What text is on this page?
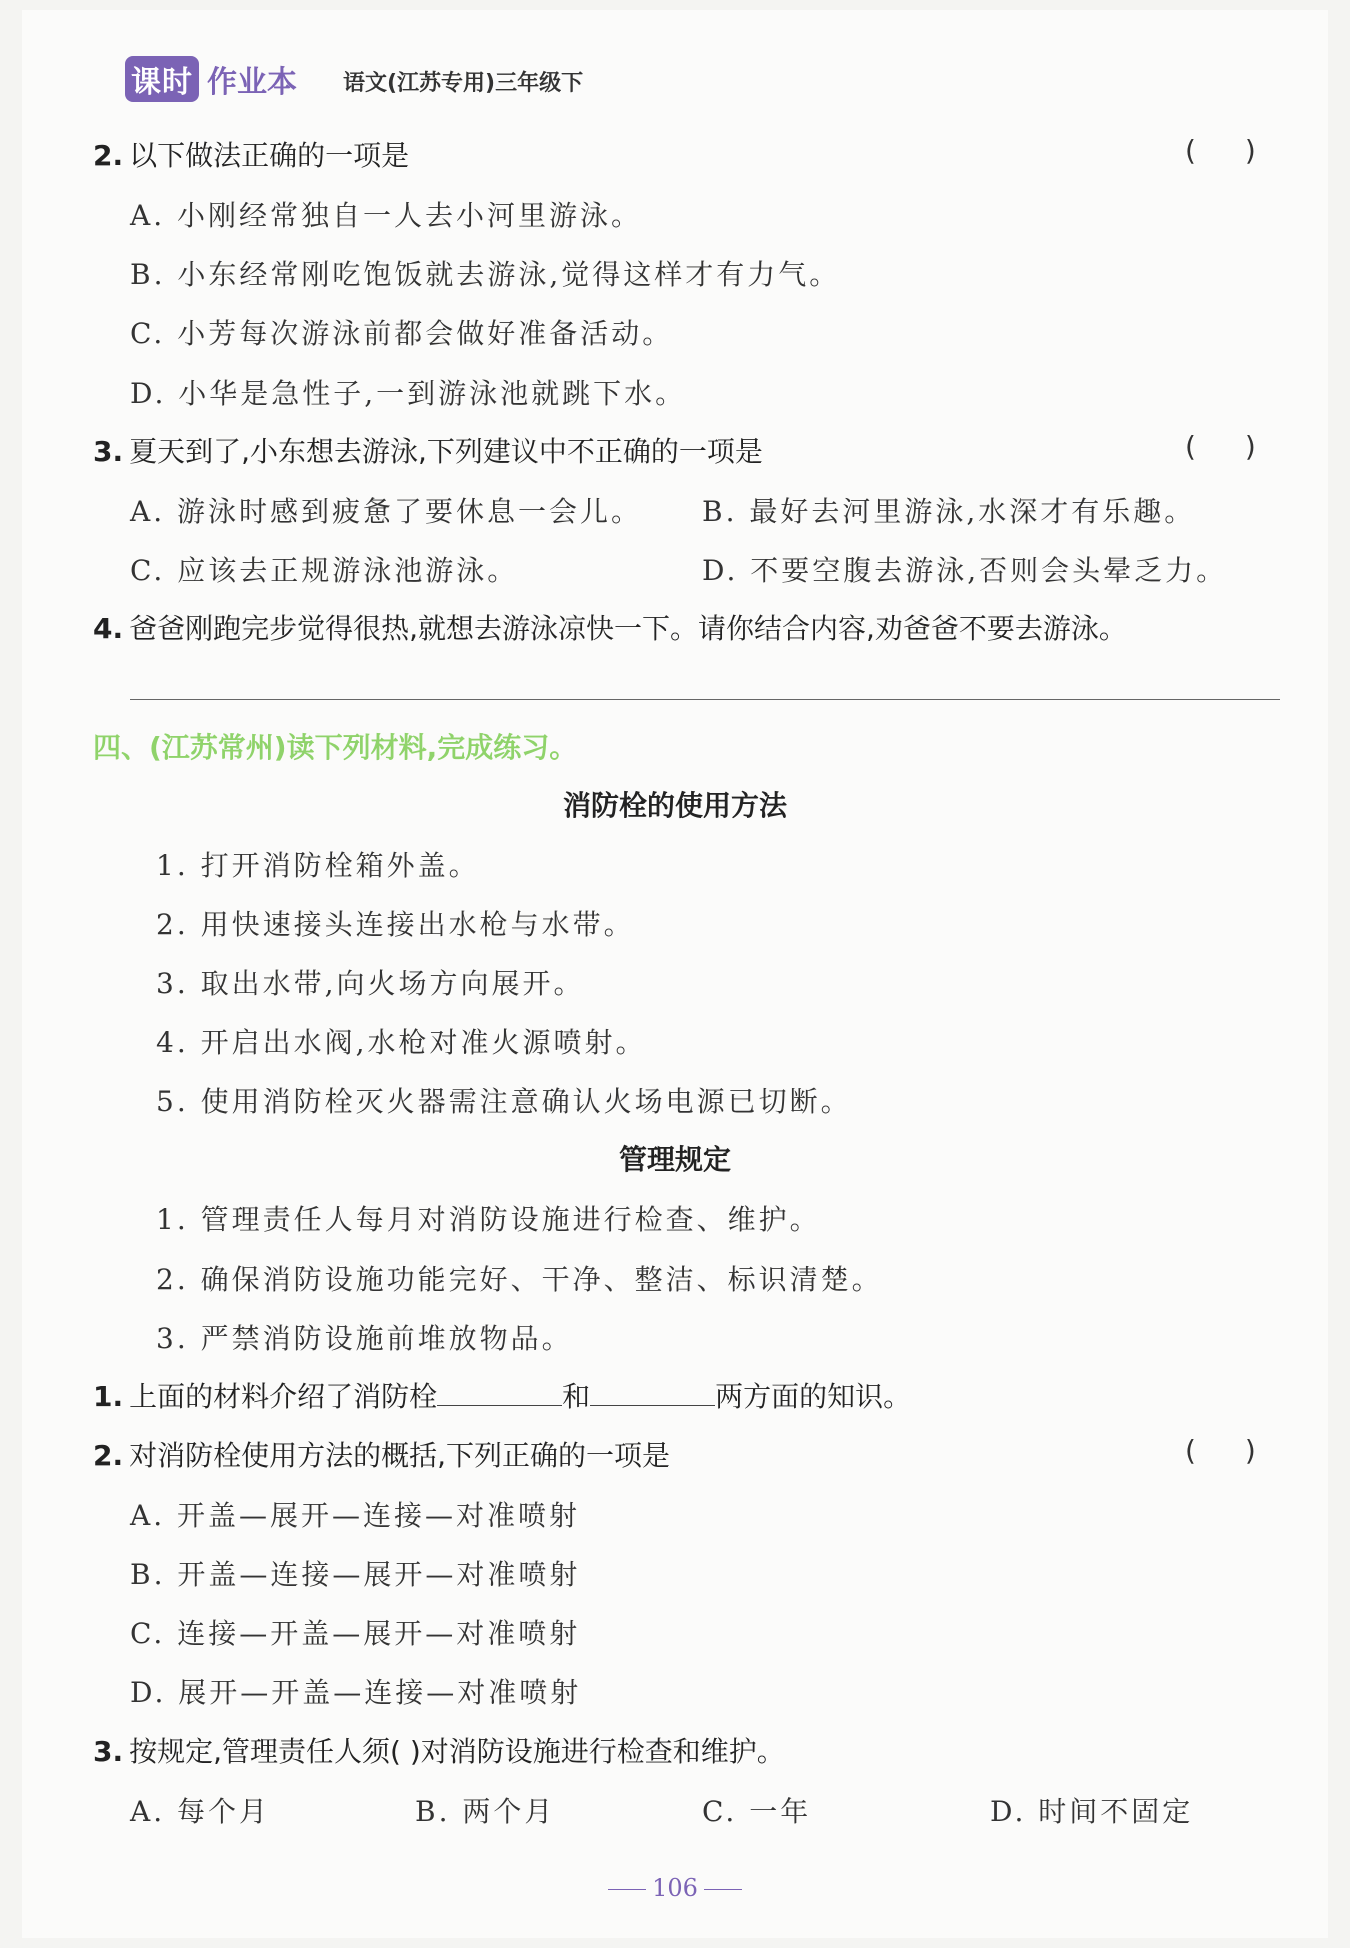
课时 作业本 语文(江苏专用)三年级下
2. 以下做法正确的一项是	( )
A. 小刚经常独自一人去小河里游泳。
B. 小东经常刚吃饱饭就去游泳,觉得这样才有力气。
C. 小芳每次游泳前都会做好准备活动。
D. 小华是急性子,一到游泳池就跳下水。
3. 夏天到了,小东想去游泳,下列建议中不正确的一项是	( )
A. 游泳时感到疲惫了要休息一会儿。 B. 最好去河里游泳,水深才有乐趣。
C. 应该去正规游泳池游泳。	D. 不要空腹去游泳,否则会头晕乏力。
4. 爸爸刚跑完步觉得很热,就想去游泳凉快一下。请你结合内容,劝爸爸不要去游泳。
四、(江苏常州)读下列材料,完成练习。
消防栓的使用方法
1. 打开消防栓箱外盖。
2. 用快速接头连接出水枪与水带。
3. 取出水带,向火场方向展开。
4. 开启出水阀,水枪对准火源喷射。
5. 使用消防栓灭火器需注意确认火场电源已切断。
管理规定
1. 管理责任人每月对消防设施进行检查、维护。
2. 确保消防设施功能完好、干净、整洁、标识清楚。
3. 严禁消防设施前堆放物品。
1. 上面的材料介绍了消防栓	和	两方面的知识。
2. 对消防栓使用方法的概括,下列正确的一项是	( )
A. 开盖—展开—连接—对准喷射
B. 开盖—连接—展开—对准喷射
C. 连接—开盖—展开—对准喷射
D. 展开—开盖—连接—对准喷射
3. 按规定,管理责任人须( )对消防设施进行检查和维护。
A. 每个月	B. 两个月	C. 一年	D. 时间不固定
106
